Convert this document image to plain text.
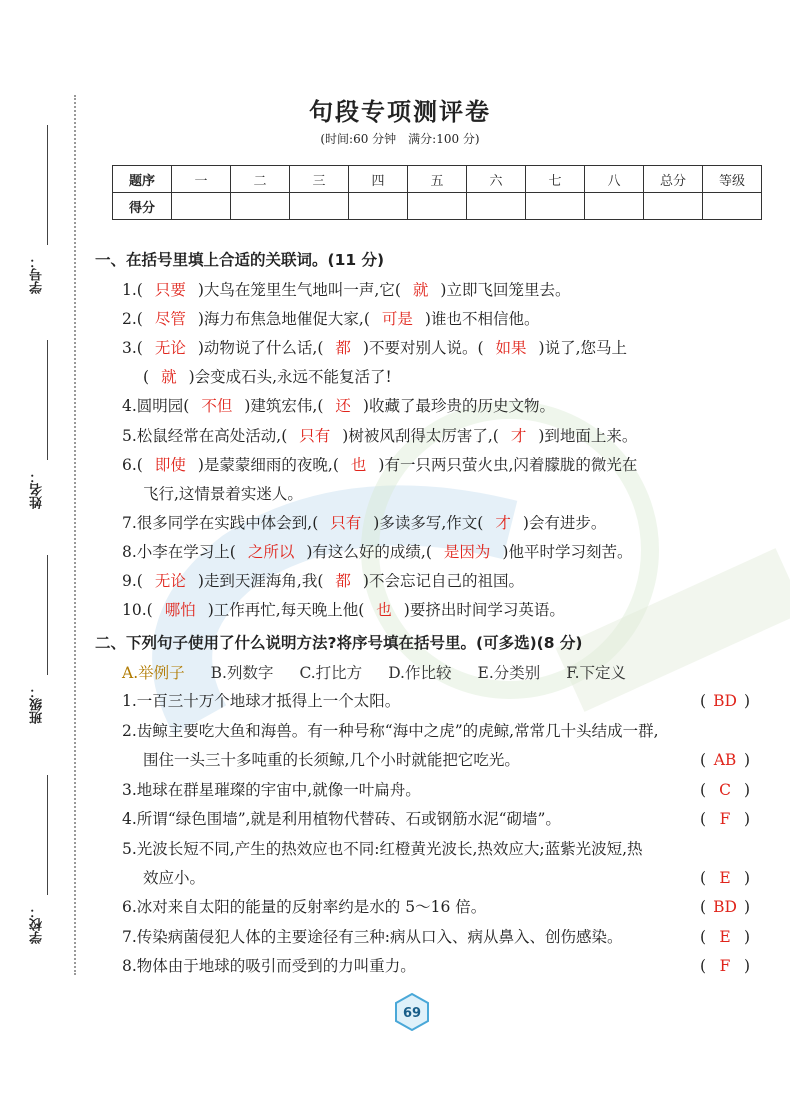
学号：
姓名：
班级：
学校：
句段专项测评卷
(时间:60 分钟　满分:100 分)
题序	一	二	三	四	五	六	七	八	总分	等级
得分										
一、在括号里填上合适的关联词。(11 分)
1.( 只要 )大鸟在笼里生气地叫一声,它( 就 )立即飞回笼里去。
2.( 尽管 )海力布焦急地催促大家,( 可是 )谁也不相信他。
3.( 无论 )动物说了什么话,( 都 )不要对别人说。( 如果 )说了,您马上
( 就 )会变成石头,永远不能复活了!
4.圆明园( 不但 )建筑宏伟,( 还 )收藏了最珍贵的历史文物。
5.松鼠经常在高处活动,( 只有 )树被风刮得太厉害了,( 才 )到地面上来。
6.( 即使 )是蒙蒙细雨的夜晚,( 也 )有一只两只萤火虫,闪着朦胧的微光在
飞行,这情景着实迷人。
7.很多同学在实践中体会到,( 只有 )多读多写,作文( 才 )会有进步。
8.小李在学习上( 之所以 )有这么好的成绩,( 是因为 )他平时学习刻苦。
9.( 无论 )走到天涯海角,我( 都 )不会忘记自己的祖国。
10.( 哪怕 )工作再忙,每天晚上他( 也 )要挤出时间学习英语。
二、下列句子使用了什么说明方法?将序号填在括号里。(可多选)(8 分)
A.举例子 B.列数字 C.打比方 D.作比较 E.分类别 F.下定义
1.一百三十万个地球才抵得上一个太阳。	( BD )
2.齿鲸主要吃大鱼和海兽。有一种号称“海中之虎”的虎鲸,常常几十头结成一群,
围住一头三十多吨重的长须鲸,几个小时就能把它吃光。	( AB )
3.地球在群星璀璨的宇宙中,就像一叶扁舟。	( C )
4.所谓“绿色围墙”,就是利用植物代替砖、石或钢筋水泥“砌墙”。	( F )
5.光波长短不同,产生的热效应也不同:红橙黄光波长,热效应大;蓝紫光波短,热
效应小。	( E )
6.冰对来自太阳的能量的反射率约是水的 5～16 倍。	( BD )
7.传染病菌侵犯人体的主要途径有三种:病从口入、病从鼻入、创伤感染。	( E )
8.物体由于地球的吸引而受到的力叫重力。	( F )
69
